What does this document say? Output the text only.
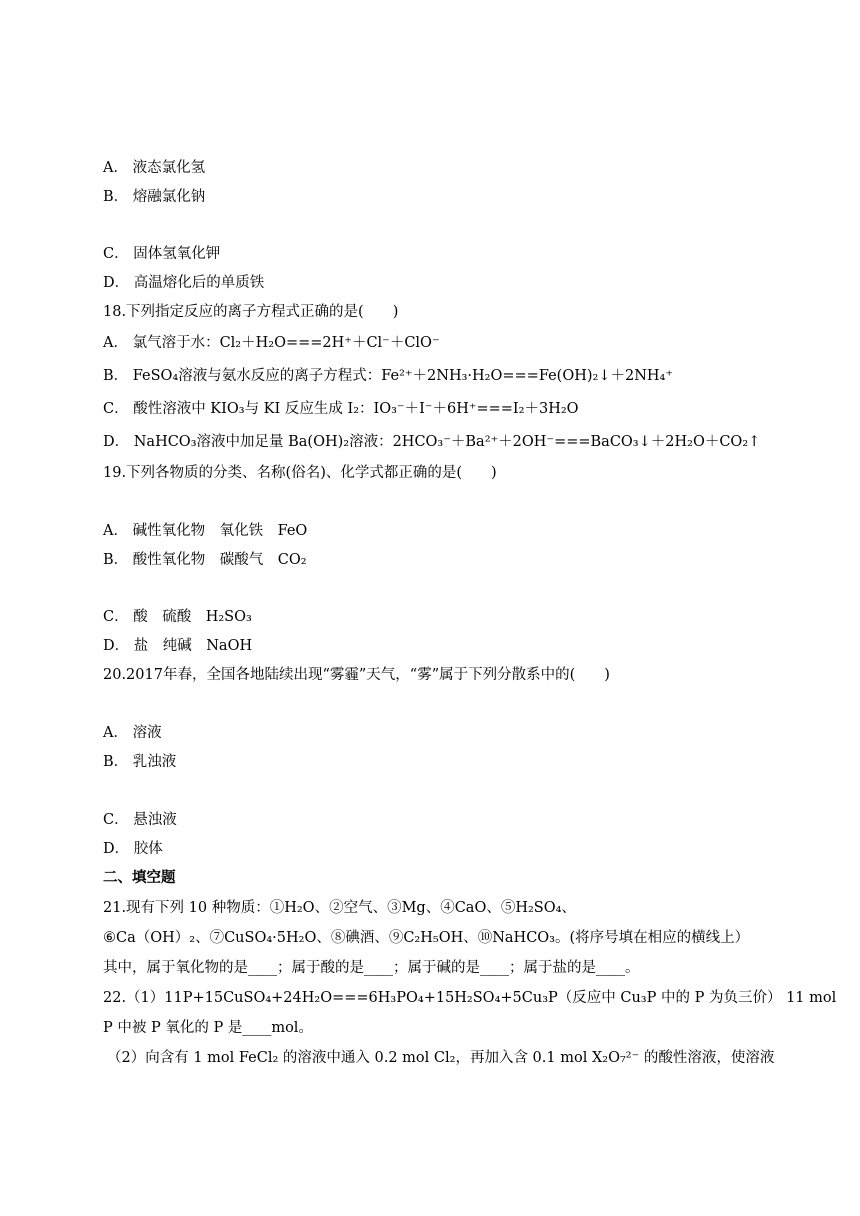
A． 液态氯化氢
B． 熔融氯化钠
C． 固体氢氧化钾
D． 高温熔化后的单质铁
18.下列指定反应的离子方程式正确的是(　　)
A． 氯气溶于水：Cl₂＋H₂O===2H⁺＋Cl⁻＋ClO⁻
B． FeSO₄溶液与氨水反应的离子方程式：Fe²⁺＋2NH₃·H₂O===Fe(OH)₂↓＋2NH₄⁺
C． 酸性溶液中 KIO₃与 KI 反应生成 I₂：IO₃⁻＋I⁻＋6H⁺===I₂＋3H₂O
D． NaHCO₃溶液中加足量 Ba(OH)₂溶液：2HCO₃⁻＋Ba²⁺＋2OH⁻===BaCO₃↓＋2H₂O＋CO₂↑
19.下列各物质的分类、名称(俗名)、化学式都正确的是(　　)
A． 碱性氧化物　氧化铁　FeO
B． 酸性氧化物　碳酸气　CO₂
C． 酸　硫酸　H₂SO₃
D． 盐　纯碱　NaOH
20.2017年春，全国各地陆续出现“雾霾”天气，“雾”属于下列分散系中的(　　)
A． 溶液
B． 乳浊液
C． 悬浊液
D． 胶体
二、填空题
21.现有下列 10 种物质：①H₂O、②空气、③Mg、④CaO、⑤H₂SO₄、
⑥Ca（OH）₂、⑦CuSO₄·5H₂O、⑧碘酒、⑨C₂H₅OH、⑩NaHCO₃。(将序号填在相应的横线上）
其中，属于氧化物的是____；属于酸的是____；属于碱的是____；属于盐的是____。
22.（1）11P+15CuSO₄+24H₂O===6H₃PO₄+15H₂SO₄+5Cu₃P（反应中 Cu₃P 中的 P 为负三价） 11 mol
P 中被 P 氧化的 P 是____mol。
（2）向含有 1 mol FeCl₂ 的溶液中通入 0.2 mol Cl₂，再加入含 0.1 mol X₂O₇²⁻ 的酸性溶液，使溶液
